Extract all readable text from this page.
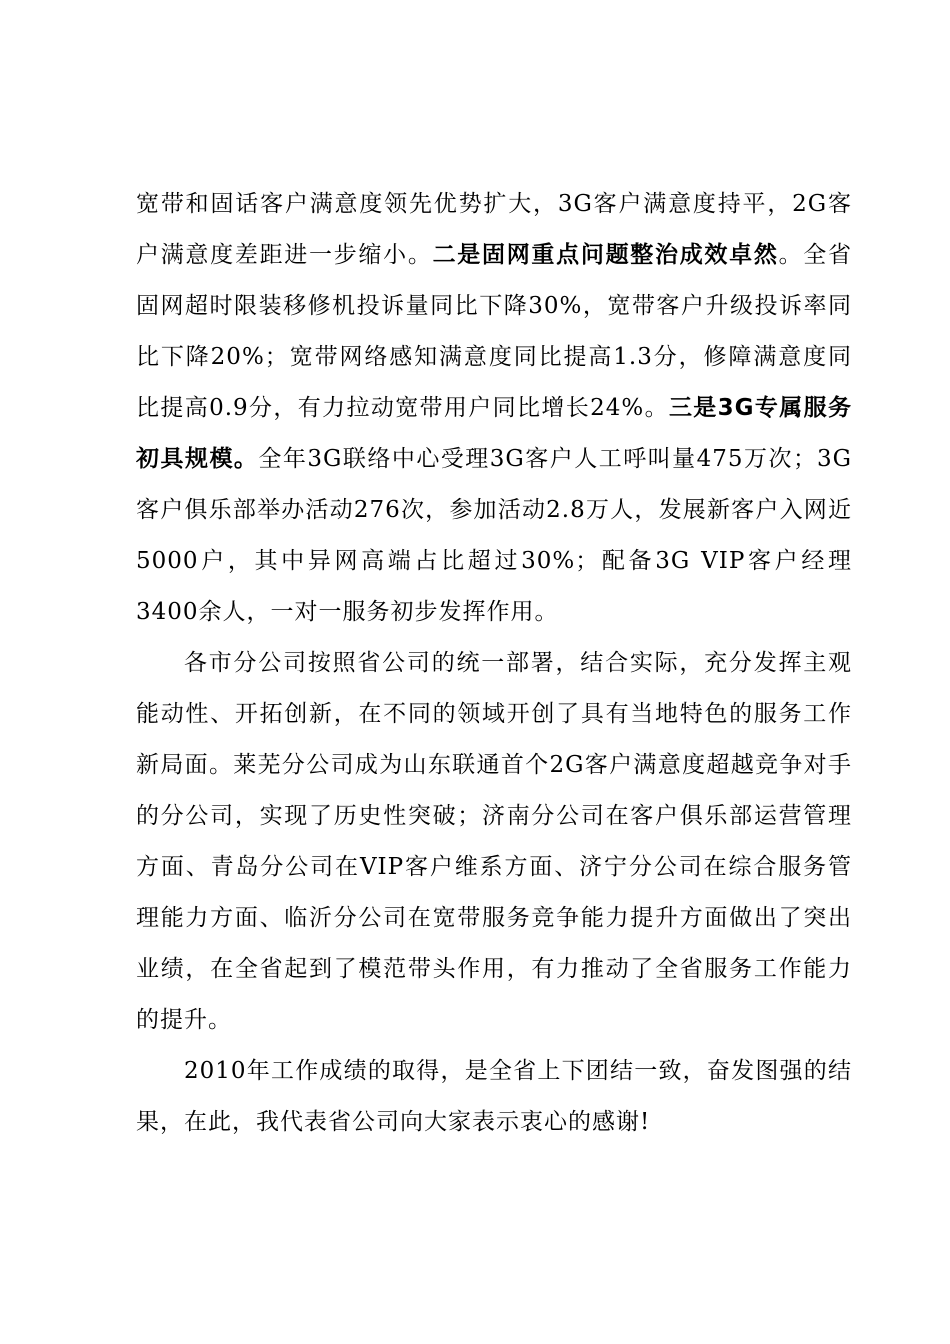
宽带和固话客户满意度领先优势扩大，3G客户满意度持平，2G客户满意度差距进一步缩小。二是固网重点问题整治成效卓然。全省固网超时限装移修机投诉量同比下降30%，宽带客户升级投诉率同比下降20%；宽带网络感知满意度同比提高1.3分，修障满意度同比提高0.9分，有力拉动宽带用户同比增长24%。三是3G专属服务初具规模。全年3G联络中心受理3G客户人工呼叫量475万次；3G客户俱乐部举办活动276次，参加活动2.8万人，发展新客户入网近5000户，其中异网高端占比超过30%；配备3G VIP客户经理3400余人，一对一服务初步发挥作用。

各市分公司按照省公司的统一部署，结合实际，充分发挥主观能动性、开拓创新，在不同的领域开创了具有当地特色的服务工作新局面。莱芜分公司成为山东联通首个2G客户满意度超越竞争对手的分公司，实现了历史性突破；济南分公司在客户俱乐部运营管理方面、青岛分公司在VIP客户维系方面、济宁分公司在综合服务管理能力方面、临沂分公司在宽带服务竞争能力提升方面做出了突出业绩，在全省起到了模范带头作用，有力推动了全省服务工作能力的提升。

2010年工作成绩的取得，是全省上下团结一致，奋发图强的结果，在此，我代表省公司向大家表示衷心的感谢!
